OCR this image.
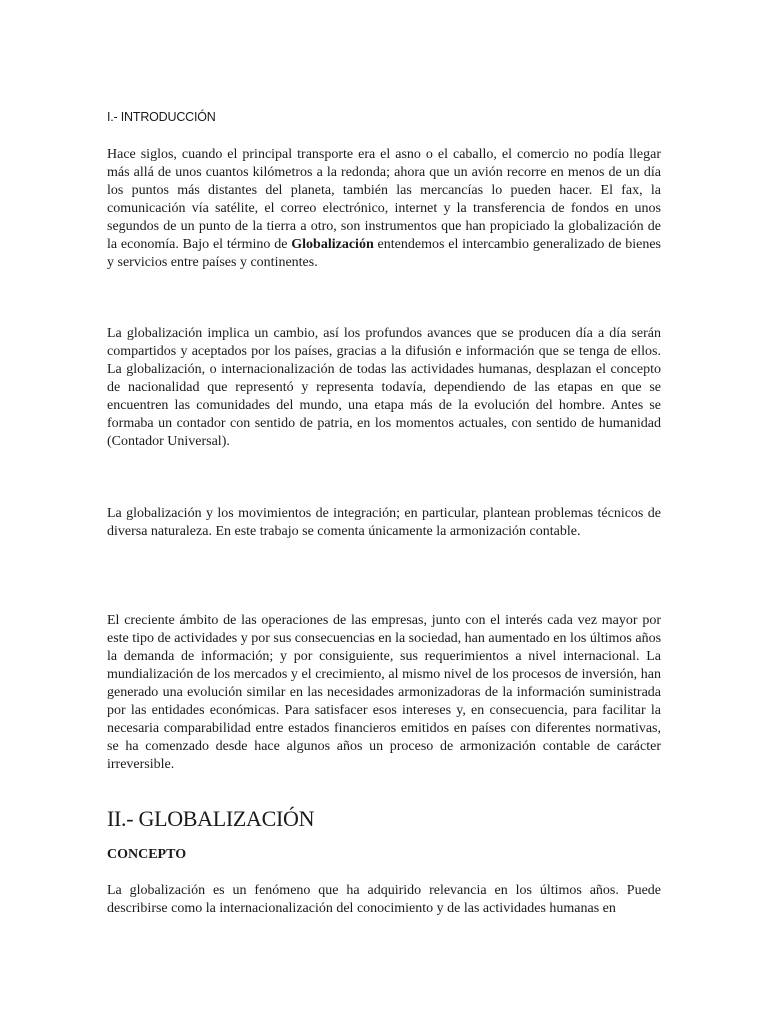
I.- INTRODUCCIÓN

Hace siglos, cuando el principal transporte era el asno o el caballo, el comercio no podía llegar más allá de unos cuantos kilómetros a la redonda; ahora que un avión recorre en menos de un día los puntos más distantes del planeta, también las mercancías lo pueden hacer. El fax, la comunicación vía satélite, el correo electrónico, internet y la transferencia de fondos en unos segundos de un punto de la tierra a otro, son instrumentos que han propiciado la globalización de la economía. Bajo el término de Globalización entendemos el intercambio generalizado de bienes y servicios entre países y continentes.

La globalización implica un cambio, así los profundos avances que se producen día a día serán compartidos y aceptados por los países, gracias a la difusión e información que se tenga de ellos. La globalización, o internacionalización de todas las actividades humanas, desplazan el concepto de nacionalidad que representó y representa todavía, dependiendo de las etapas en que se encuentren las comunidades del mundo, una etapa más de la evolución del hombre. Antes se formaba un contador con sentido de patria, en los momentos actuales, con sentido de humanidad (Contador Universal).

La globalización y los movimientos de integración; en particular, plantean problemas técnicos de diversa naturaleza. En este trabajo se comenta únicamente la armonización contable.

El creciente ámbito de las operaciones de las empresas, junto con el interés cada vez mayor por este tipo de actividades y por sus consecuencias en la sociedad, han aumentado en los últimos años la demanda de información; y por consiguiente, sus requerimientos a nivel internacional. La mundialización de los mercados y el crecimiento, al mismo nivel de los procesos de inversión, han generado una evolución similar en las necesidades armonizadoras de la información suministrada por las entidades económicas. Para satisfacer esos intereses y, en consecuencia, para facilitar la necesaria comparabilidad entre estados financieros emitidos en países con diferentes normativas, se ha comenzado desde hace algunos años un proceso de armonización contable de carácter irreversible.

II.- GLOBALIZACIÓN
CONCEPTO

La globalización es un fenómeno que ha adquirido relevancia en los últimos años. Puede describirse como la internacionalización del conocimiento y de las actividades humanas en
